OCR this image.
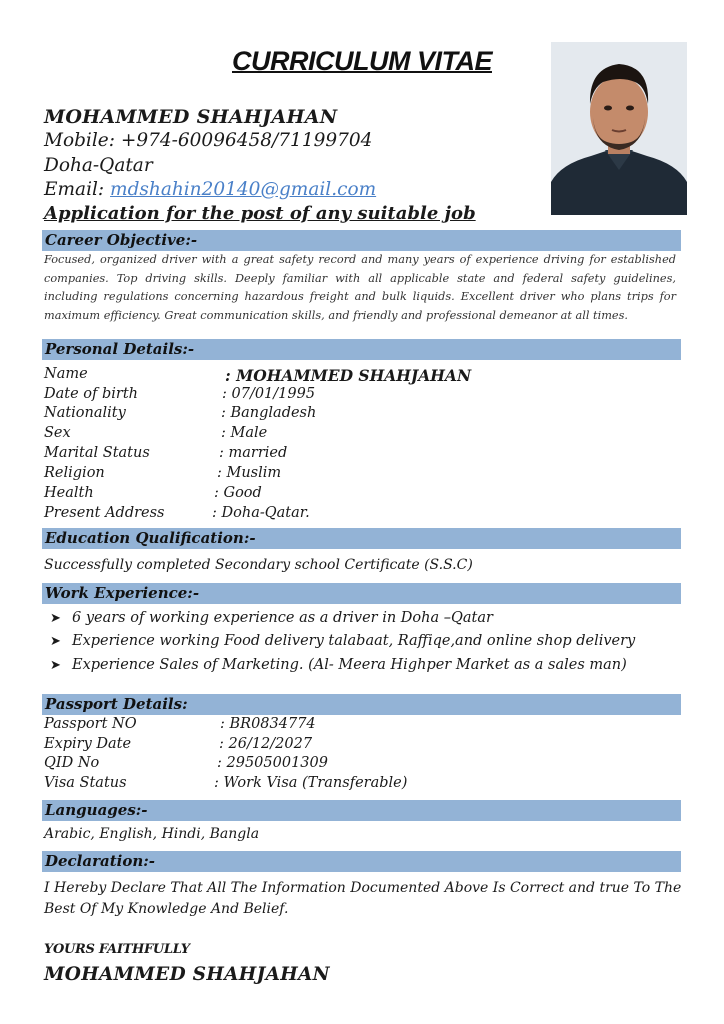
CURRICULUM VITAE
MOHAMMED SHAHJAHAN
Mobile: +974-60096458/71199704
Doha-Qatar
Email: mdshahin20140@gmail.com
Application for the post of any suitable job
Career Objective:-
Focused, organized driver with a great safety record and many years of experience driving for established companies. Top driving skills. Deeply familiar with all applicable state and federal safety guidelines, including regulations concerning hazardous freight and bulk liquids. Excellent driver who plans trips for maximum efficiency. Great communication skills, and friendly and professional demeanor at all times.
Personal Details:-
Name	: MOHAMMED SHAHJAHAN
Date of birth	: 07/01/1995
Nationality	: Bangladesh
Sex	: Male
Marital Status	: married
Religion	: Muslim
Health	: Good
Present Address	: Doha-Qatar.
Education Qualification:-
Successfully completed Secondary school Certificate (S.S.C)
Work Experience:-
➤ 6 years of working experience as a driver in Doha –Qatar
➤ Experience working Food delivery talabaat, Raffiqe,and online shop delivery
➤ Experience Sales of Marketing. (Al- Meera Highper Market as a sales man)
Passport Details:
Passport NO	: BR0834774
Expiry Date	: 26/12/2027
QID No	: 29505001309
Visa Status	: Work Visa (Transferable)
Languages:-
Arabic, English, Hindi, Bangla
Declaration:-
I Hereby Declare That All The Information Documented Above Is Correct and true To The Best Of My Knowledge And Belief.
YOURS FAITHFULLY
MOHAMMED SHAHJAHAN
